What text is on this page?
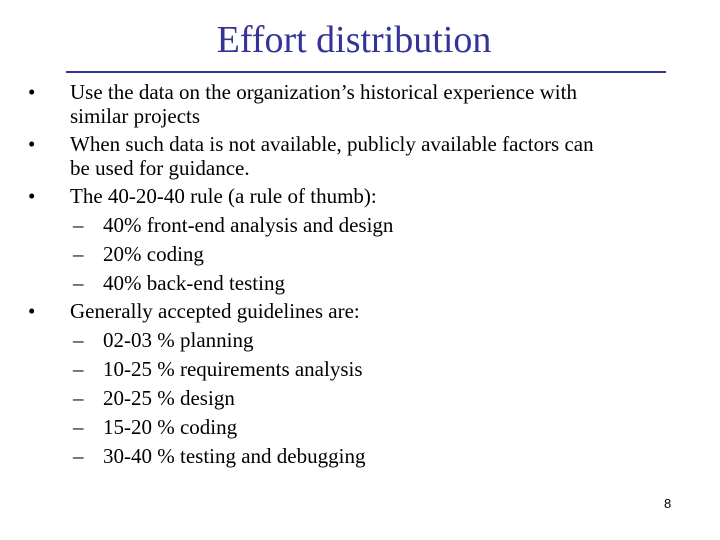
Effort distribution
• Use the data on the organization’s historical experience with
similar projects
• When such data is not available, publicly available factors can
be used for guidance.
• The 40-20-40 rule (a rule of thumb):
– 40% front-end analysis and design
– 20% coding
– 40% back-end testing
• Generally accepted guidelines are:
– 02-03 % planning
– 10-25 % requirements analysis
– 20-25 % design
– 15-20 % coding
– 30-40 % testing and debugging
8
